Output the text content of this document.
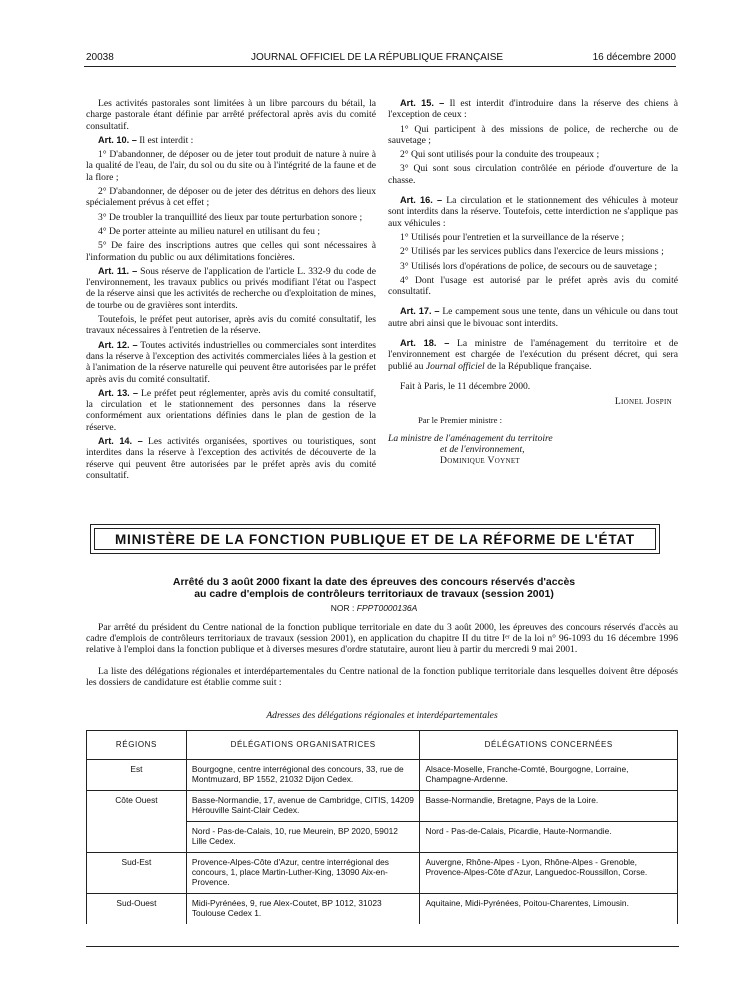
20038	JOURNAL OFFICIEL DE LA RÉPUBLIQUE FRANÇAISE	16 décembre 2000

Les activités pastorales sont limitées à un libre parcours du bétail, la charge pastorale étant définie par arrêté préfectoral après avis du comité consultatif.

Art. 10. – Il est interdit :

1° D'abandonner, de déposer ou de jeter tout produit de nature à nuire à la qualité de l'eau, de l'air, du sol ou du site ou à l'intégrité de la faune et de la flore ;

2° D'abandonner, de déposer ou de jeter des détritus en dehors des lieux spécialement prévus à cet effet ;

3° De troubler la tranquillité des lieux par toute perturbation sonore ;

4° De porter atteinte au milieu naturel en utilisant du feu ;

5° De faire des inscriptions autres que celles qui sont nécessaires à l'information du public ou aux délimitations foncières.

Art. 11. – Sous réserve de l'application de l'article L. 332-9 du code de l'environnement, les travaux publics ou privés modifiant l'état ou l'aspect de la réserve ainsi que les activités de recherche ou d'exploitation de mines, de tourbe ou de gravières sont interdits.

Toutefois, le préfet peut autoriser, après avis du comité consultatif, les travaux nécessaires à l'entretien de la réserve.

Art. 12. – Toutes activités industrielles ou commerciales sont interdites dans la réserve à l'exception des activités commerciales liées à la gestion et à l'animation de la réserve naturelle qui peuvent être autorisées par le préfet après avis du comité consultatif.

Art. 13. – Le préfet peut réglementer, après avis du comité consultatif, la circulation et le stationnement des personnes dans la réserve conformément aux orientations définies dans le plan de gestion de la réserve.

Art. 14. – Les activités organisées, sportives ou touristiques, sont interdites dans la réserve à l'exception des activités de découverte de la réserve qui peuvent être autorisées par le préfet après avis du comité consultatif.

Art. 15. – Il est interdit d'introduire dans la réserve des chiens à l'exception de ceux :

1° Qui participent à des missions de police, de recherche ou de sauvetage ;

2° Qui sont utilisés pour la conduite des troupeaux ;

3° Qui sont sous circulation contrôlée en période d'ouverture de la chasse.

Art. 16. – La circulation et le stationnement des véhicules à moteur sont interdits dans la réserve. Toutefois, cette interdiction ne s'applique pas aux véhicules :

1° Utilisés pour l'entretien et la surveillance de la réserve ;

2° Utilisés par les services publics dans l'exercice de leurs missions ;

3° Utilisés lors d'opérations de police, de secours ou de sauvetage ;

4° Dont l'usage est autorisé par le préfet après avis du comité consultatif.

Art. 17. – Le campement sous une tente, dans un véhicule ou dans tout autre abri ainsi que le bivouac sont interdits.

Art. 18. – La ministre de l'aménagement du territoire et de l'environnement est chargée de l'exécution du présent décret, qui sera publié au Journal officiel de la République française.

Fait à Paris, le 11 décembre 2000.

Lionel Jospin

Par le Premier ministre :

La ministre de l'aménagement du territoire

et de l'environnement,

Dominique Voynet

MINISTÈRE DE LA FONCTION PUBLIQUE ET DE LA RÉFORME DE L'ÉTAT
Arrêté du 3 août 2000 fixant la date des épreuves des concours réservés d'accès
au cadre d'emplois de contrôleurs territoriaux de travaux (session 2001)
NOR : FPPT0000136A
Par arrêté du président du Centre national de la fonction publique territoriale en date du 3 août 2000, les épreuves des concours réservés d'accès au cadre d'emplois de contrôleurs territoriaux de travaux (session 2001), en application du chapitre II du titre Iᵉʳ de la loi n° 96-1093 du 16 décembre 1996 relative à l'emploi dans la fonction publique et à diverses mesures d'ordre statutaire, auront lieu à partir du mercredi 9 mai 2001.
La liste des délégations régionales et interdépartementales du Centre national de la fonction publique territoriale dans lesquelles doivent être déposés les dossiers de candidature est établie comme suit :
Adresses des délégations régionales et interdépartementales
RÉGIONS	DÉLÉGATIONS ORGANISATRICES	DÉLÉGATIONS CONCERNÉES
Est	Bourgogne, centre interrégional des concours, 33, rue de Montmuzard, BP 1552, 21032 Dijon Cedex.	Alsace-Moselle, Franche-Comté, Bourgogne, Lorraine, Champagne-Ardenne.
Côte Ouest	Basse-Normandie, 17, avenue de Cambridge, CITIS, 14209 Hérouville Saint-Clair Cedex.	Basse-Normandie, Bretagne, Pays de la Loire.
	Nord - Pas-de-Calais, 10, rue Meurein, BP 2020, 59012 Lille Cedex.	Nord - Pas-de-Calais, Picardie, Haute-Normandie.
Sud-Est	Provence-Alpes-Côte d'Azur, centre interrégional des concours, 1, place Martin-Luther-King, 13090 Aix-en-Provence.	Auvergne, Rhône-Alpes - Lyon, Rhône-Alpes - Grenoble, Provence-Alpes-Côte d'Azur, Languedoc-Roussillon, Corse.
Sud-Ouest	Midi-Pyrénées, 9, rue Alex-Coutet, BP 1012, 31023 Toulouse Cedex 1.	Aquitaine, Midi-Pyrénées, Poitou-Charentes, Limousin.
